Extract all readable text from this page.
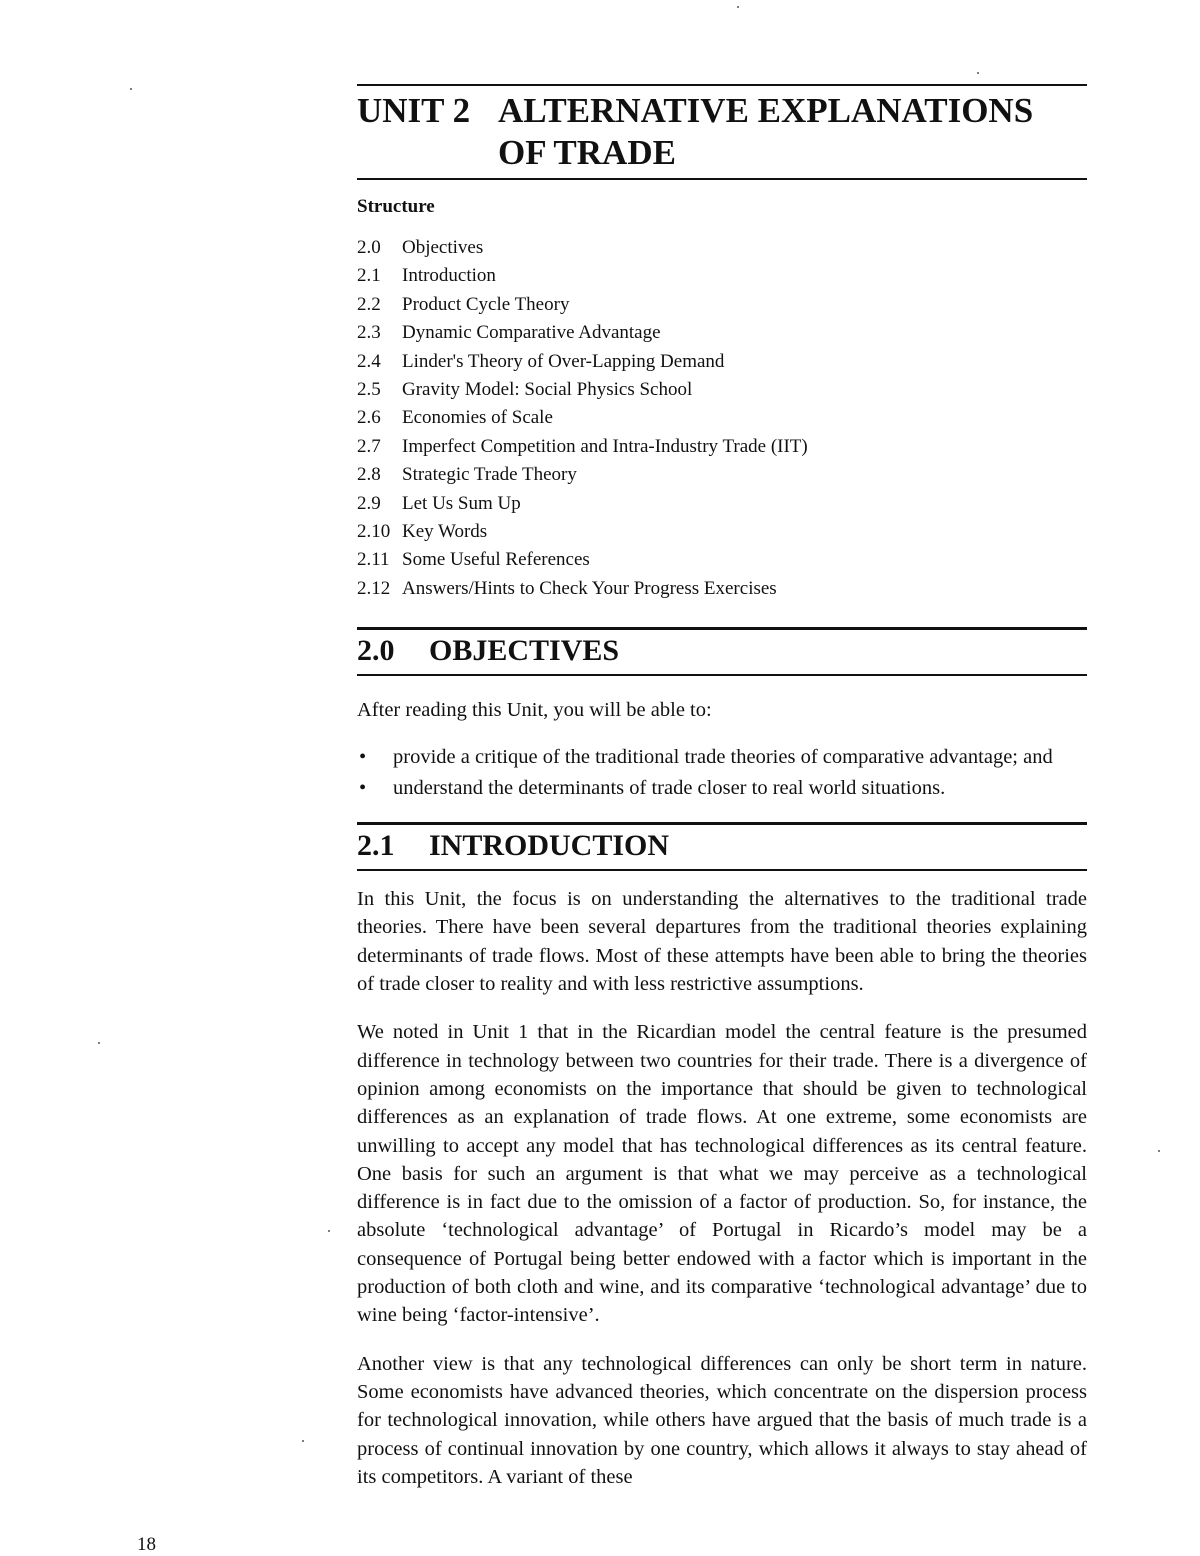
UNIT 2 ALTERNATIVE EXPLANATIONS
OF TRADE
Structure
2.0	Objectives
2.1	Introduction
2.2	Product Cycle Theory
2.3	Dynamic Comparative Advantage
2.4	Linder's Theory of Over-Lapping Demand
2.5	Gravity Model: Social Physics School
2.6	Economies of Scale
2.7	Imperfect Competition and Intra-Industry Trade (IIT)
2.8	Strategic Trade Theory
2.9	Let Us Sum Up
2.10 Key Words
2.11 Some Useful References
2.12 Answers/Hints to Check Your Progress Exercises
2.0	OBJECTIVES

After reading this Unit, you will be able to:

• provide a critique of the traditional trade theories of comparative advantage; and
• understand the determinants of trade closer to real world situations.
2.1	INTRODUCTION

In this Unit, the focus is on understanding the alternatives to the traditional trade theories. There have been several departures from the traditional theories explaining determinants of trade flows. Most of these attempts have been able to bring the theories of trade closer to reality and with less restrictive assumptions.

We noted in Unit 1 that in the Ricardian model the central feature is the presumed difference in technology between two countries for their trade. There is a divergence of opinion among economists on the importance that should be given to technological differences as an explanation of trade flows. At one extreme, some economists are unwilling to accept any model that has technological differences as its central feature. One basis for such an argument is that what we may perceive as a technological difference is in fact due to the omission of a factor of production. So, for instance, the absolute ‘technological advantage’ of Portugal in Ricardo’s model may be a consequence of Portugal being better endowed with a factor which is important in the production of both cloth and wine, and its comparative ‘technological advantage’ due to wine being ‘factor-intensive’.

Another view is that any technological differences can only be short term in nature. Some economists have advanced theories, which concentrate on the dispersion process for technological innovation, while others have argued that the basis of much trade is a process of continual innovation by one country, which allows it always to stay ahead of its competitors. A variant of these

18
